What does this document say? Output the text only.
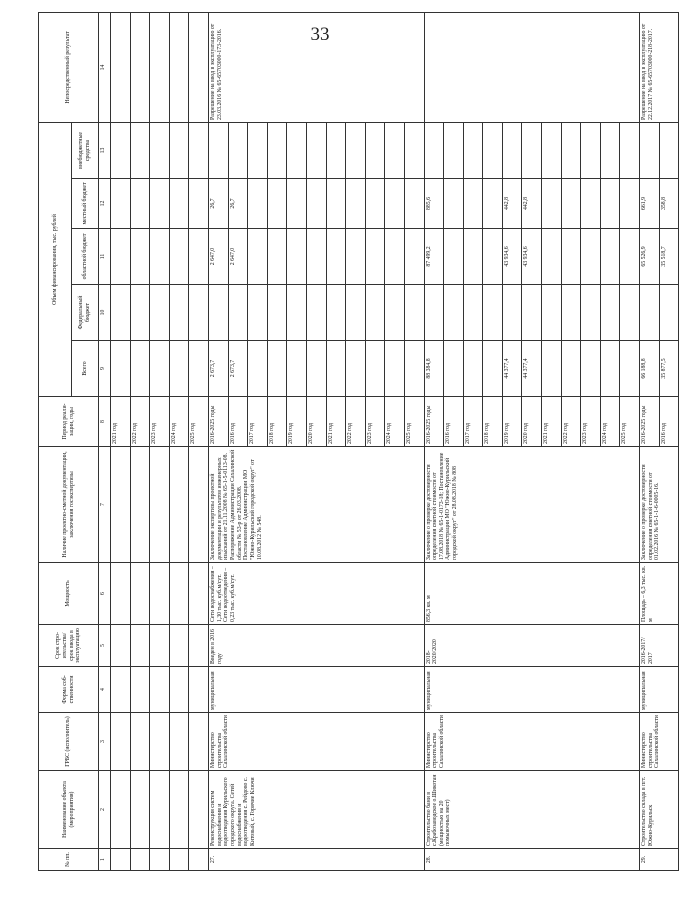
33
№ пп.	Наименование объекта (мероприятия)	ГРБС (исполнитель)	Форма соб-ственности	Срок стро-ительства/ срок ввода в эксплуатацию	Мощность	Наличие проектно-сметной документации, заключения госэкспертизы	Период реали-зации, годы	Объем финансирования, тыс. рублей					Непосредственный результат
								Всего	Федеральный бюджет	областной бюджет	местный бюджет	внебюджетные средства	
1	2	3	4	5	6	7	8	9	10	11	12	13	14
							2021 год						
							2022 год						
							2023 год						
							2024 год						
							2025 год						
27.	Реконструкция систем водоснабжения и водоотведения Курильского городского округа. Сетей водоснабжения и водоотведения с. Рейдово с. Китовый, с. Горячие Ключи	Министерство строительства Сахалинской области	муниципальная	Введен в 2016 году	Сети водоснабжения – 1,30 тыс. куб.м/сут. Сети водоотведения – 0,23 тыс. куб.м/сут.	Заключение экспертизы проектной документации и результатов инженерных изысканий от 21.11.2008 № 65-1-5-0113-08. Распоряжение Администрации Сахалинской области № 53-р от 26.03.2008. Постановление Администрации МО "Южно-Курильский городской округ" от 10.08.2012 № 548.	2016-2025 годы	2 673,7		2 647,0	26,7		Разрешение на ввод в эксплуатацию от 23.03.2016 № 65-65703000-173-2016.
							2016 год	2 673,7		2 647,0	26,7		
							2017 год						
							2018 год						
							2019 год						
							2020 год						
							2021 год						
							2022 год						
							2023 год						
							2024 год						
							2025 год						
28.	Строительство бани в с.Крабозаводское о.Шикотан (мощностью на 20 помывочных мест)	Министерство строительства Сахалинской области	муниципальная	2018-2020/2020	856,3 кв. м	Заключение о проверке достоверности определения сметной стоимости от 17.08.2018 № 65-1-0173-18; Постановление Администрации МО "Южно-Курильский городской округ" от 28.08.2018 № 808	2016-2025 годы	88 384,8		87 499,2	885,6		
							2016 год						
							2017 год						
							2018 год						
							2019 год	44 377,4		43 934,6	442,8		
							2020 год	44 377,4		43 934,6	442,8		
							2021 год						
							2022 год						
							2023 год						
							2024 год						
							2025 год						
29.	Строительство склада в пгт. Южно-Курильск	Министерство строительства Сахалинской области	муниципальная	2016-2017/ 2017	Площадь – 6,3 тыс. кв. м	Заключение о проверке достоверности определения сметной стоимости от 01.02.2016 № 65-1-1-6-0005-16.	2016-2025 годы	66 188,8		65 526,9	661,9		Разрешение на ввод в эксплуатацию от 22.12.2017 № 65-65703000-218-2017.
							2016 год	35 877,5		35 518,7	358,8		
